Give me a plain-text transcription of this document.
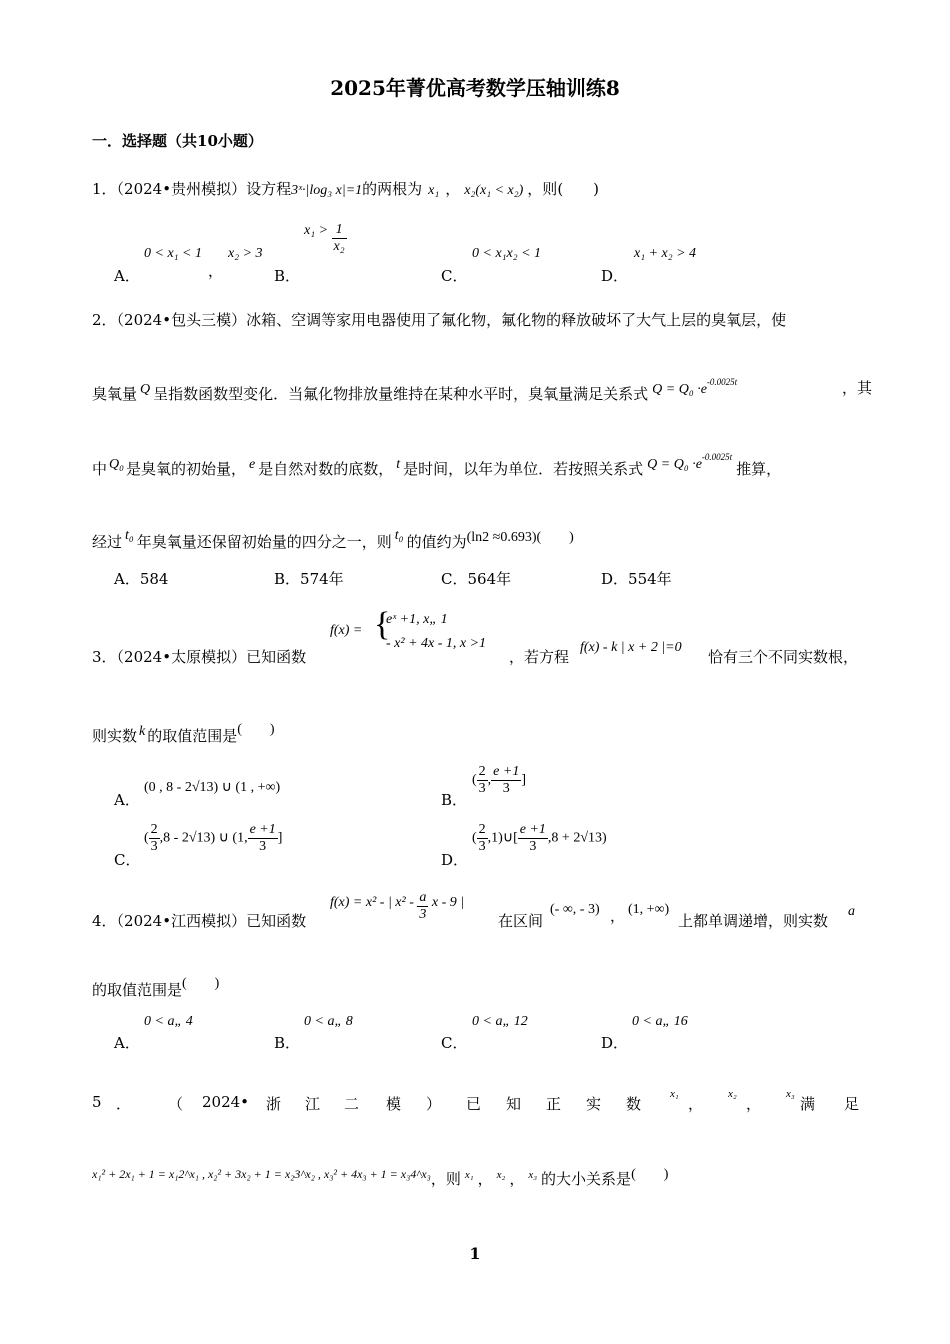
2025年菁优高考数学压轴训练8
一．选择题（共10小题）
1．（2024•贵州模拟）设方程3ˣ·|log₃ x|=1的两根为 x₁ ， x₂(x₁ < x₂) ，则(　　)
A．
0 < x₁ < 1
，
x₂ > 3
B．
$x_1 > \frac{1}{\text{x₂}}$
C．
0 < x₁x₂ < 1
D．
x₁ + x₂ > 4
2．（2024•包头三模）冰箱、空调等家用电器使用了氟化物，氟化物的释放破坏了大气上层的臭氧层，使
臭氧量 Q 呈指数函数型变化．当氟化物排放量维持在某种水平时，臭氧量满足关系式 $Q = Q_0 \cdot e^{-0.0025t}$	，其
中 Q₀ 是臭氧的初始量， e 是自然对数的底数， t 是时间，以年为单位．若按照关系式 $Q = Q_0 \cdot e^{-0.0025t}$推算，
经过 t₀ 年臭氧量还保留初始量的四分之一，则 t₀ 的值约为(ln2 ≈0.693)(　　)
A．584	B．574年	C．564年	D．554年
3．（2024•太原模拟）已知函数
f(x) = {
eˣ +1, x„ 1
- x² + 4x - 1, x >1
，若方程
f(x) - k | x + 2 |=0
恰有三个不同实数根，
则实数 k 的取值范围是(　　)
A．
(0 , 8 - 2√13) ∪ (1 , +∞)
B．
( $\frac{2}{3}$ , $\frac{e +1}{3}$ ]
C．
( $\frac{2}{3} ,8 - 2√13$) ∪ (1, $\frac{e +1}{3}$ ]
D．
( $\frac{2}{3}$ ,1)∪[ $\frac{e +1}{3} ,8 + 2√13$)
4．（2024•江西模拟）已知函数
f(x) = x² - | $x^2 - \frac{a}{3}$ x - 9 |
在区间
(- ∞, - 3) ， (1, +∞)
上都单调递增，则实数
a
的取值范围是(　　)
A．
0 < a„ 4
B．
0 < a„ 8
C．
0 < a„ 12
D．
0 < a„ 16
5 ． （ 2024• 浙 江 二 模 ） 已 知 正 实 数
x₁
，
x₂
，
x₃
满 足
$^{x_1^2 + 2x_1 + 1 = x_12\^{}x_1 , x_2^2 + 3x_2 + 1 = x_23\^{}x_2 , x_3^2 + 4x_3 + 1 = x_34\^{}x_3}$，则 $^{x_1}$ ， $^{x_2}$ ， $^{x_3}$ 的大小关系是(　　)
1
